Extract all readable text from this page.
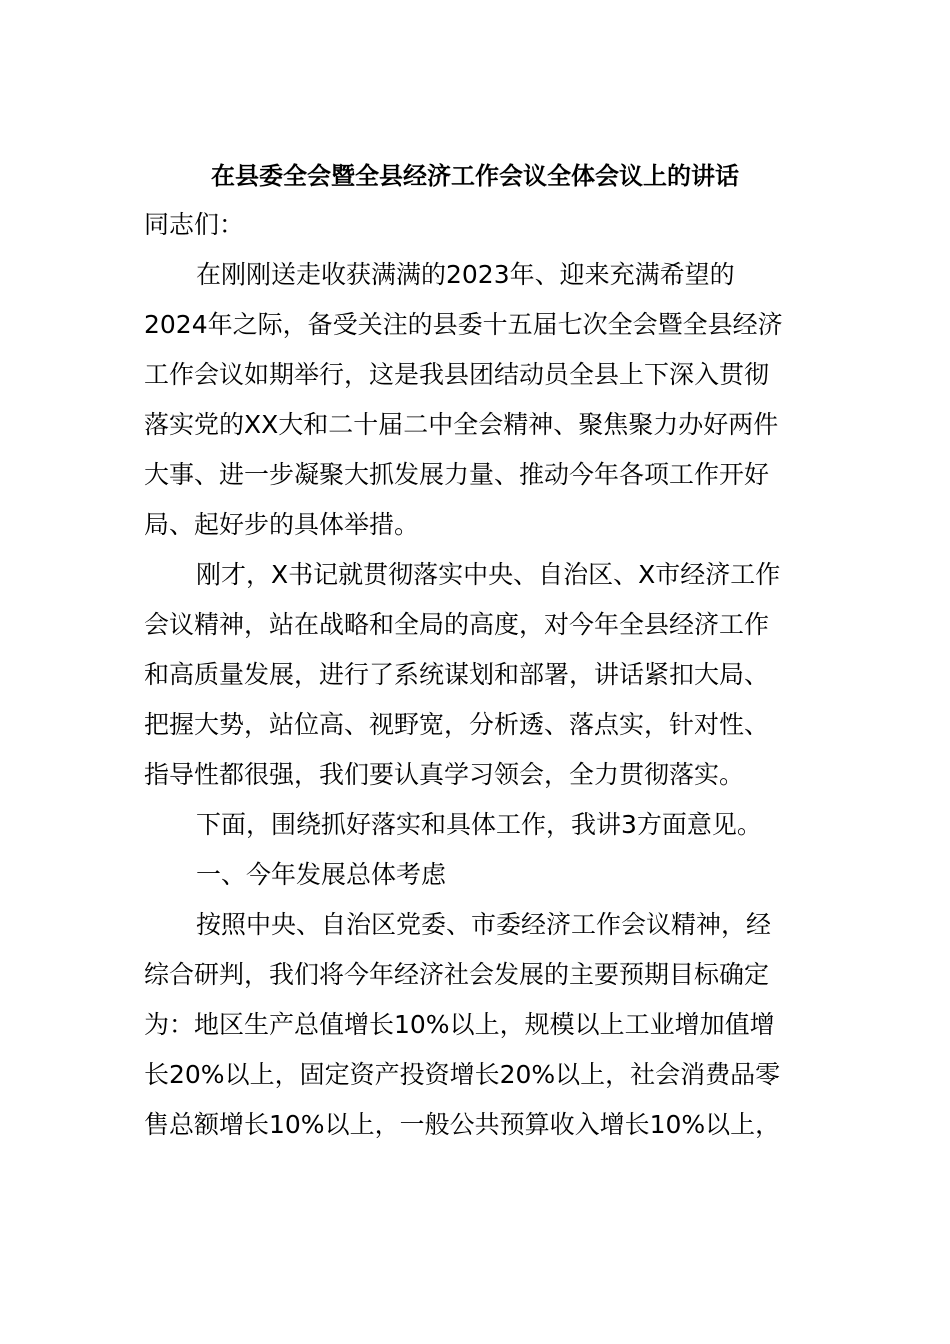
在县委全会暨全县经济工作会议全体会议上的讲话
同志们：
在刚刚送走收获满满的2023年、迎来充满希望的
2024年之际，备受关注的县委十五届七次全会暨全县经济
工作会议如期举行，这是我县团结动员全县上下深入贯彻
落实党的XX大和二十届二中全会精神、聚焦聚力办好两件
大事、进一步凝聚大抓发展力量、推动今年各项工作开好
局、起好步的具体举措。
刚才，X书记就贯彻落实中央、自治区、X市经济工作
会议精神，站在战略和全局的高度，对今年全县经济工作
和高质量发展，进行了系统谋划和部署，讲话紧扣大局、
把握大势，站位高、视野宽，分析透、落点实，针对性、
指导性都很强，我们要认真学习领会，全力贯彻落实。
下面，围绕抓好落实和具体工作，我讲3方面意见。
一、今年发展总体考虑
按照中央、自治区党委、市委经济工作会议精神，经
综合研判，我们将今年经济社会发展的主要预期目标确定
为：地区生产总值增长10%以上，规模以上工业增加值增
长20%以上，固定资产投资增长20%以上，社会消费品零
售总额增长10%以上，一般公共预算收入增长10%以上，
